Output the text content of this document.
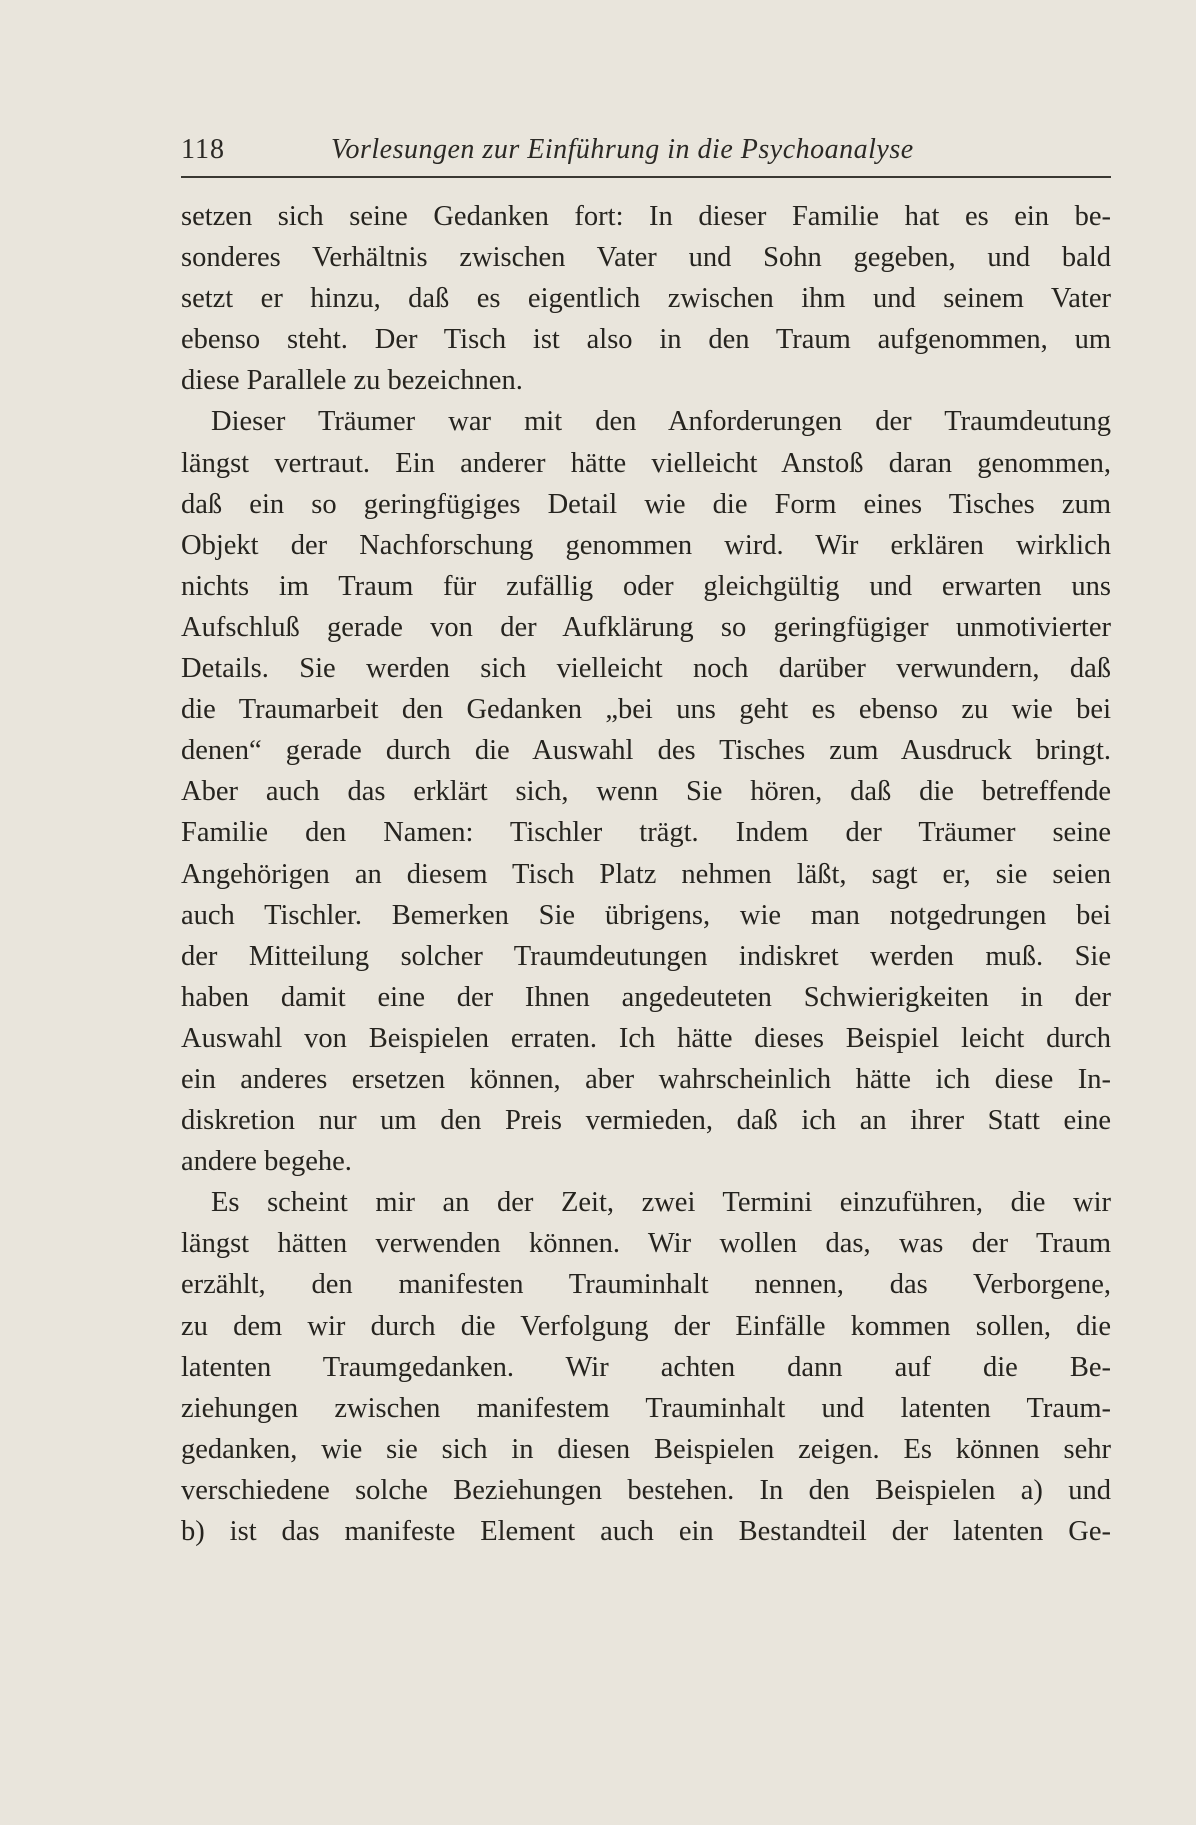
118	Vorlesungen zur Einführung in die Psychoanalyse
setzen sich seine Gedanken fort: In dieser Familie hat es ein be-
sonderes Verhältnis zwischen Vater und Sohn gegeben, und bald
setzt er hinzu, daß es eigentlich zwischen ihm und seinem Vater
ebenso steht. Der Tisch ist also in den Traum aufgenommen, um
diese Parallele zu bezeichnen.
Dieser Träumer war mit den Anforderungen der Traumdeutung
längst vertraut. Ein anderer hätte vielleicht Anstoß daran genommen,
daß ein so geringfügiges Detail wie die Form eines Tisches zum
Objekt der Nachforschung genommen wird. Wir erklären wirklich
nichts im Traum für zufällig oder gleichgültig und erwarten uns
Aufschluß gerade von der Aufklärung so geringfügiger unmotivierter
Details. Sie werden sich vielleicht noch darüber verwundern, daß
die Traumarbeit den Gedanken „bei uns geht es ebenso zu wie bei
denen“ gerade durch die Auswahl des Tisches zum Ausdruck bringt.
Aber auch das erklärt sich, wenn Sie hören, daß die betreffende
Familie den Namen: Tischler trägt. Indem der Träumer seine
Angehörigen an diesem Tisch Platz nehmen läßt, sagt er, sie seien
auch Tischler. Bemerken Sie übrigens, wie man notgedrungen bei
der Mitteilung solcher Traumdeutungen indiskret werden muß. Sie
haben damit eine der Ihnen angedeuteten Schwierigkeiten in der
Auswahl von Beispielen erraten. Ich hätte dieses Beispiel leicht durch
ein anderes ersetzen können, aber wahrscheinlich hätte ich diese In-
diskretion nur um den Preis vermieden, daß ich an ihrer Statt eine
andere begehe.
Es scheint mir an der Zeit, zwei Termini einzuführen, die wir
längst hätten verwenden können. Wir wollen das, was der Traum
erzählt, den manifesten Trauminhalt nennen, das Verborgene,
zu dem wir durch die Verfolgung der Einfälle kommen sollen, die
latenten Traumgedanken. Wir achten dann auf die Be-
ziehungen zwischen manifestem Trauminhalt und latenten Traum-
gedanken, wie sie sich in diesen Beispielen zeigen. Es können sehr
verschiedene solche Beziehungen bestehen. In den Beispielen a) und
b) ist das manifeste Element auch ein Bestandteil der latenten Ge-
